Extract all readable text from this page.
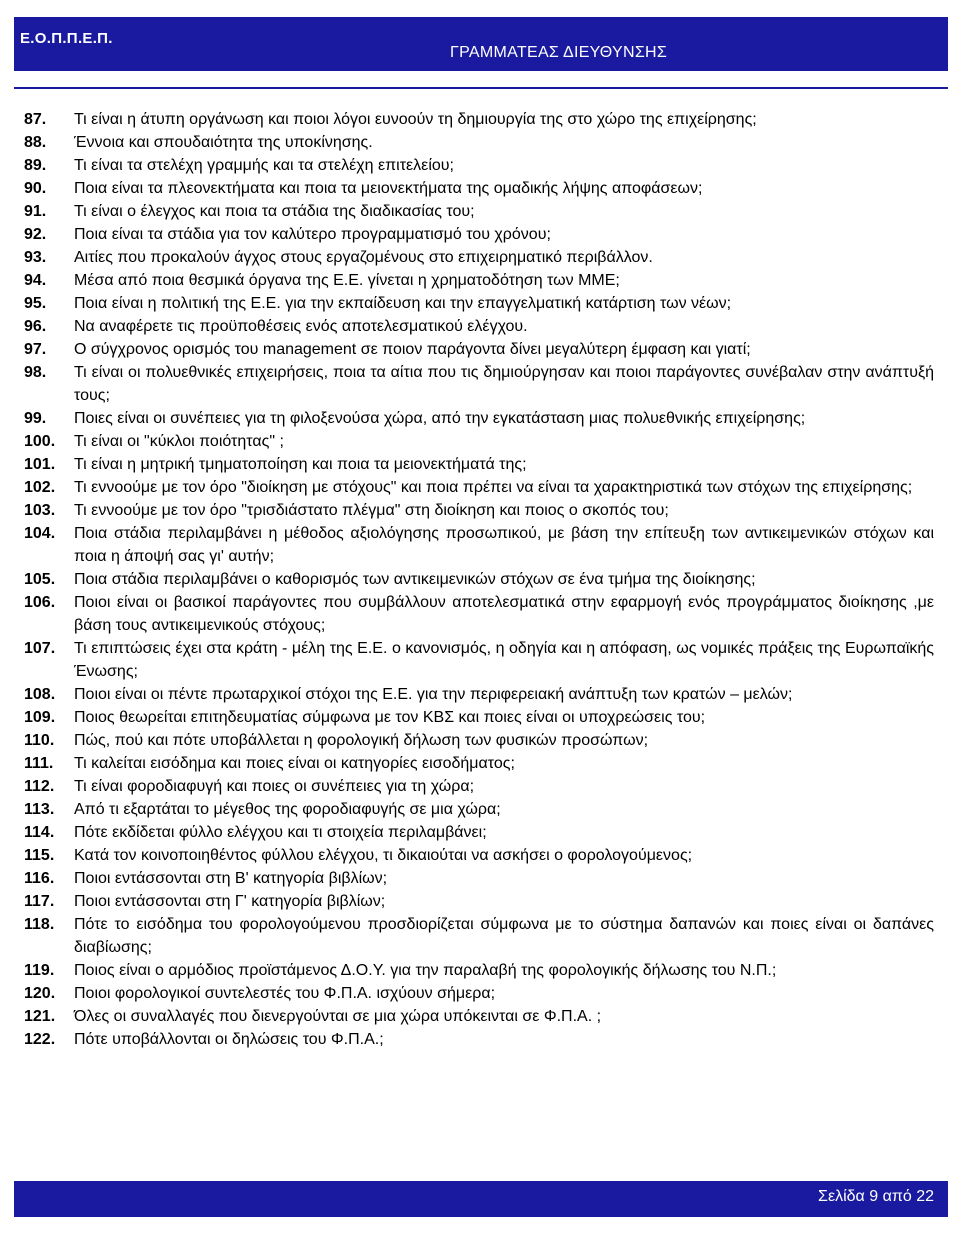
Ε.Ο.Π.Π.Ε.Π.
ΓΡΑΜΜΑΤΕΑΣ ΔΙΕΥΘΥΝΣΗΣ
87.	Τι είναι η άτυπη οργάνωση και ποιοι λόγοι ευνοούν τη δημιουργία της στο χώρο της επιχείρησης;
88.	Έννοια και σπουδαιότητα της υποκίνησης.
89.	Τι είναι τα στελέχη γραμμής και τα στελέχη επιτελείου;
90.	Ποια είναι τα πλεονεκτήματα και ποια τα μειονεκτήματα της ομαδικής λήψης αποφάσεων;
91.	Τι είναι ο έλεγχος και ποια τα στάδια της διαδικασίας του;
92.	Ποια είναι τα στάδια για τον καλύτερο προγραμματισμό του χρόνου;
93.	Αιτίες που προκαλούν άγχος στους εργαζομένους στο επιχειρηματικό περιβάλλον.
94.	Μέσα από ποια θεσμικά όργανα της Ε.Ε. γίνεται η χρηματοδότηση των ΜΜΕ;
95.	Ποια είναι η πολιτική της Ε.Ε. για την εκπαίδευση και την επαγγελματική κατάρτιση των νέων;
96.	Να αναφέρετε τις προϋποθέσεις ενός αποτελεσματικού ελέγχου.
97.	Ο σύγχρονος ορισμός του management σε ποιον παράγοντα δίνει μεγαλύτερη έμφαση και γιατί;
98.	Τι είναι οι πολυεθνικές επιχειρήσεις, ποια τα αίτια που τις δημιούργησαν και ποιοι παράγοντες συνέβαλαν στην ανάπτυξή τους;
99.	Ποιες είναι οι συνέπειες για τη φιλοξενούσα χώρα, από την εγκατάσταση μιας πολυεθνικής επιχείρησης;
100.	Τι είναι οι "κύκλοι ποιότητας" ;
101.	Τι είναι η μητρική τμηματοποίηση και ποια τα μειονεκτήματά της;
102.	Τι εννοούμε με τον όρο "διοίκηση με στόχους" και ποια πρέπει να είναι τα χαρακτηριστικά των στόχων της επιχείρησης;
103.	Τι εννοούμε με τον όρο "τρισδιάστατο πλέγμα" στη διοίκηση και ποιος ο σκοπός του;
104.	Ποια στάδια περιλαμβάνει η μέθοδος αξιολόγησης προσωπικού, με βάση την επίτευξη των αντικειμενικών στόχων και ποια η άποψή σας γι' αυτήν;
105.	Ποια στάδια περιλαμβάνει ο καθορισμός των αντικειμενικών στόχων σε ένα τμήμα της διοίκησης;
106.	Ποιοι είναι οι βασικοί παράγοντες που συμβάλλουν αποτελεσματικά στην εφαρμογή ενός προγράμματος διοίκησης ,με βάση τους αντικειμενικούς στόχους;
107.	Τι επιπτώσεις έχει στα κράτη - μέλη της Ε.Ε. ο κανονισμός, η οδηγία και η απόφαση, ως νομικές πράξεις της Ευρωπαϊκής Ένωσης;
108.	Ποιοι είναι οι πέντε πρωταρχικοί στόχοι της Ε.Ε. για την περιφερειακή ανάπτυξη των κρατών – μελών;
109.	Ποιος θεωρείται επιτηδευματίας σύμφωνα με τον ΚΒΣ και ποιες είναι οι υποχρεώσεις του;
110.	Πώς, πού και πότε υποβάλλεται η φορολογική δήλωση των φυσικών προσώπων;
111.	Τι καλείται εισόδημα και ποιες είναι οι κατηγορίες εισοδήματος;
112.	Τι είναι φοροδιαφυγή και ποιες οι συνέπειες για τη χώρα;
113.	Από τι εξαρτάται το μέγεθος της φοροδιαφυγής σε μια χώρα;
114.	Πότε εκδίδεται φύλλο ελέγχου και τι στοιχεία περιλαμβάνει;
115.	Κατά τον κοινοποιηθέντος φύλλου ελέγχου, τι δικαιούται να ασκήσει ο φορολογούμενος;
116.	Ποιοι εντάσσονται στη Β' κατηγορία βιβλίων;
117.	Ποιοι εντάσσονται στη Γ' κατηγορία βιβλίων;
118.	Πότε το εισόδημα του φορολογούμενου προσδιορίζεται σύμφωνα με το σύστημα δαπανών και ποιες είναι οι δαπάνες διαβίωσης;
119.	Ποιος είναι ο αρμόδιος προϊστάμενος Δ.Ο.Υ. για την παραλαβή της φορολογικής δήλωσης του Ν.Π.;
120.	Ποιοι φορολογικοί συντελεστές του Φ.Π.Α. ισχύουν σήμερα;
121.	Όλες οι συναλλαγές που διενεργούνται σε μια χώρα υπόκεινται σε Φ.Π.Α. ;
122.	Πότε υποβάλλονται οι δηλώσεις του Φ.Π.Α.;
Σελίδα 9 από 22
